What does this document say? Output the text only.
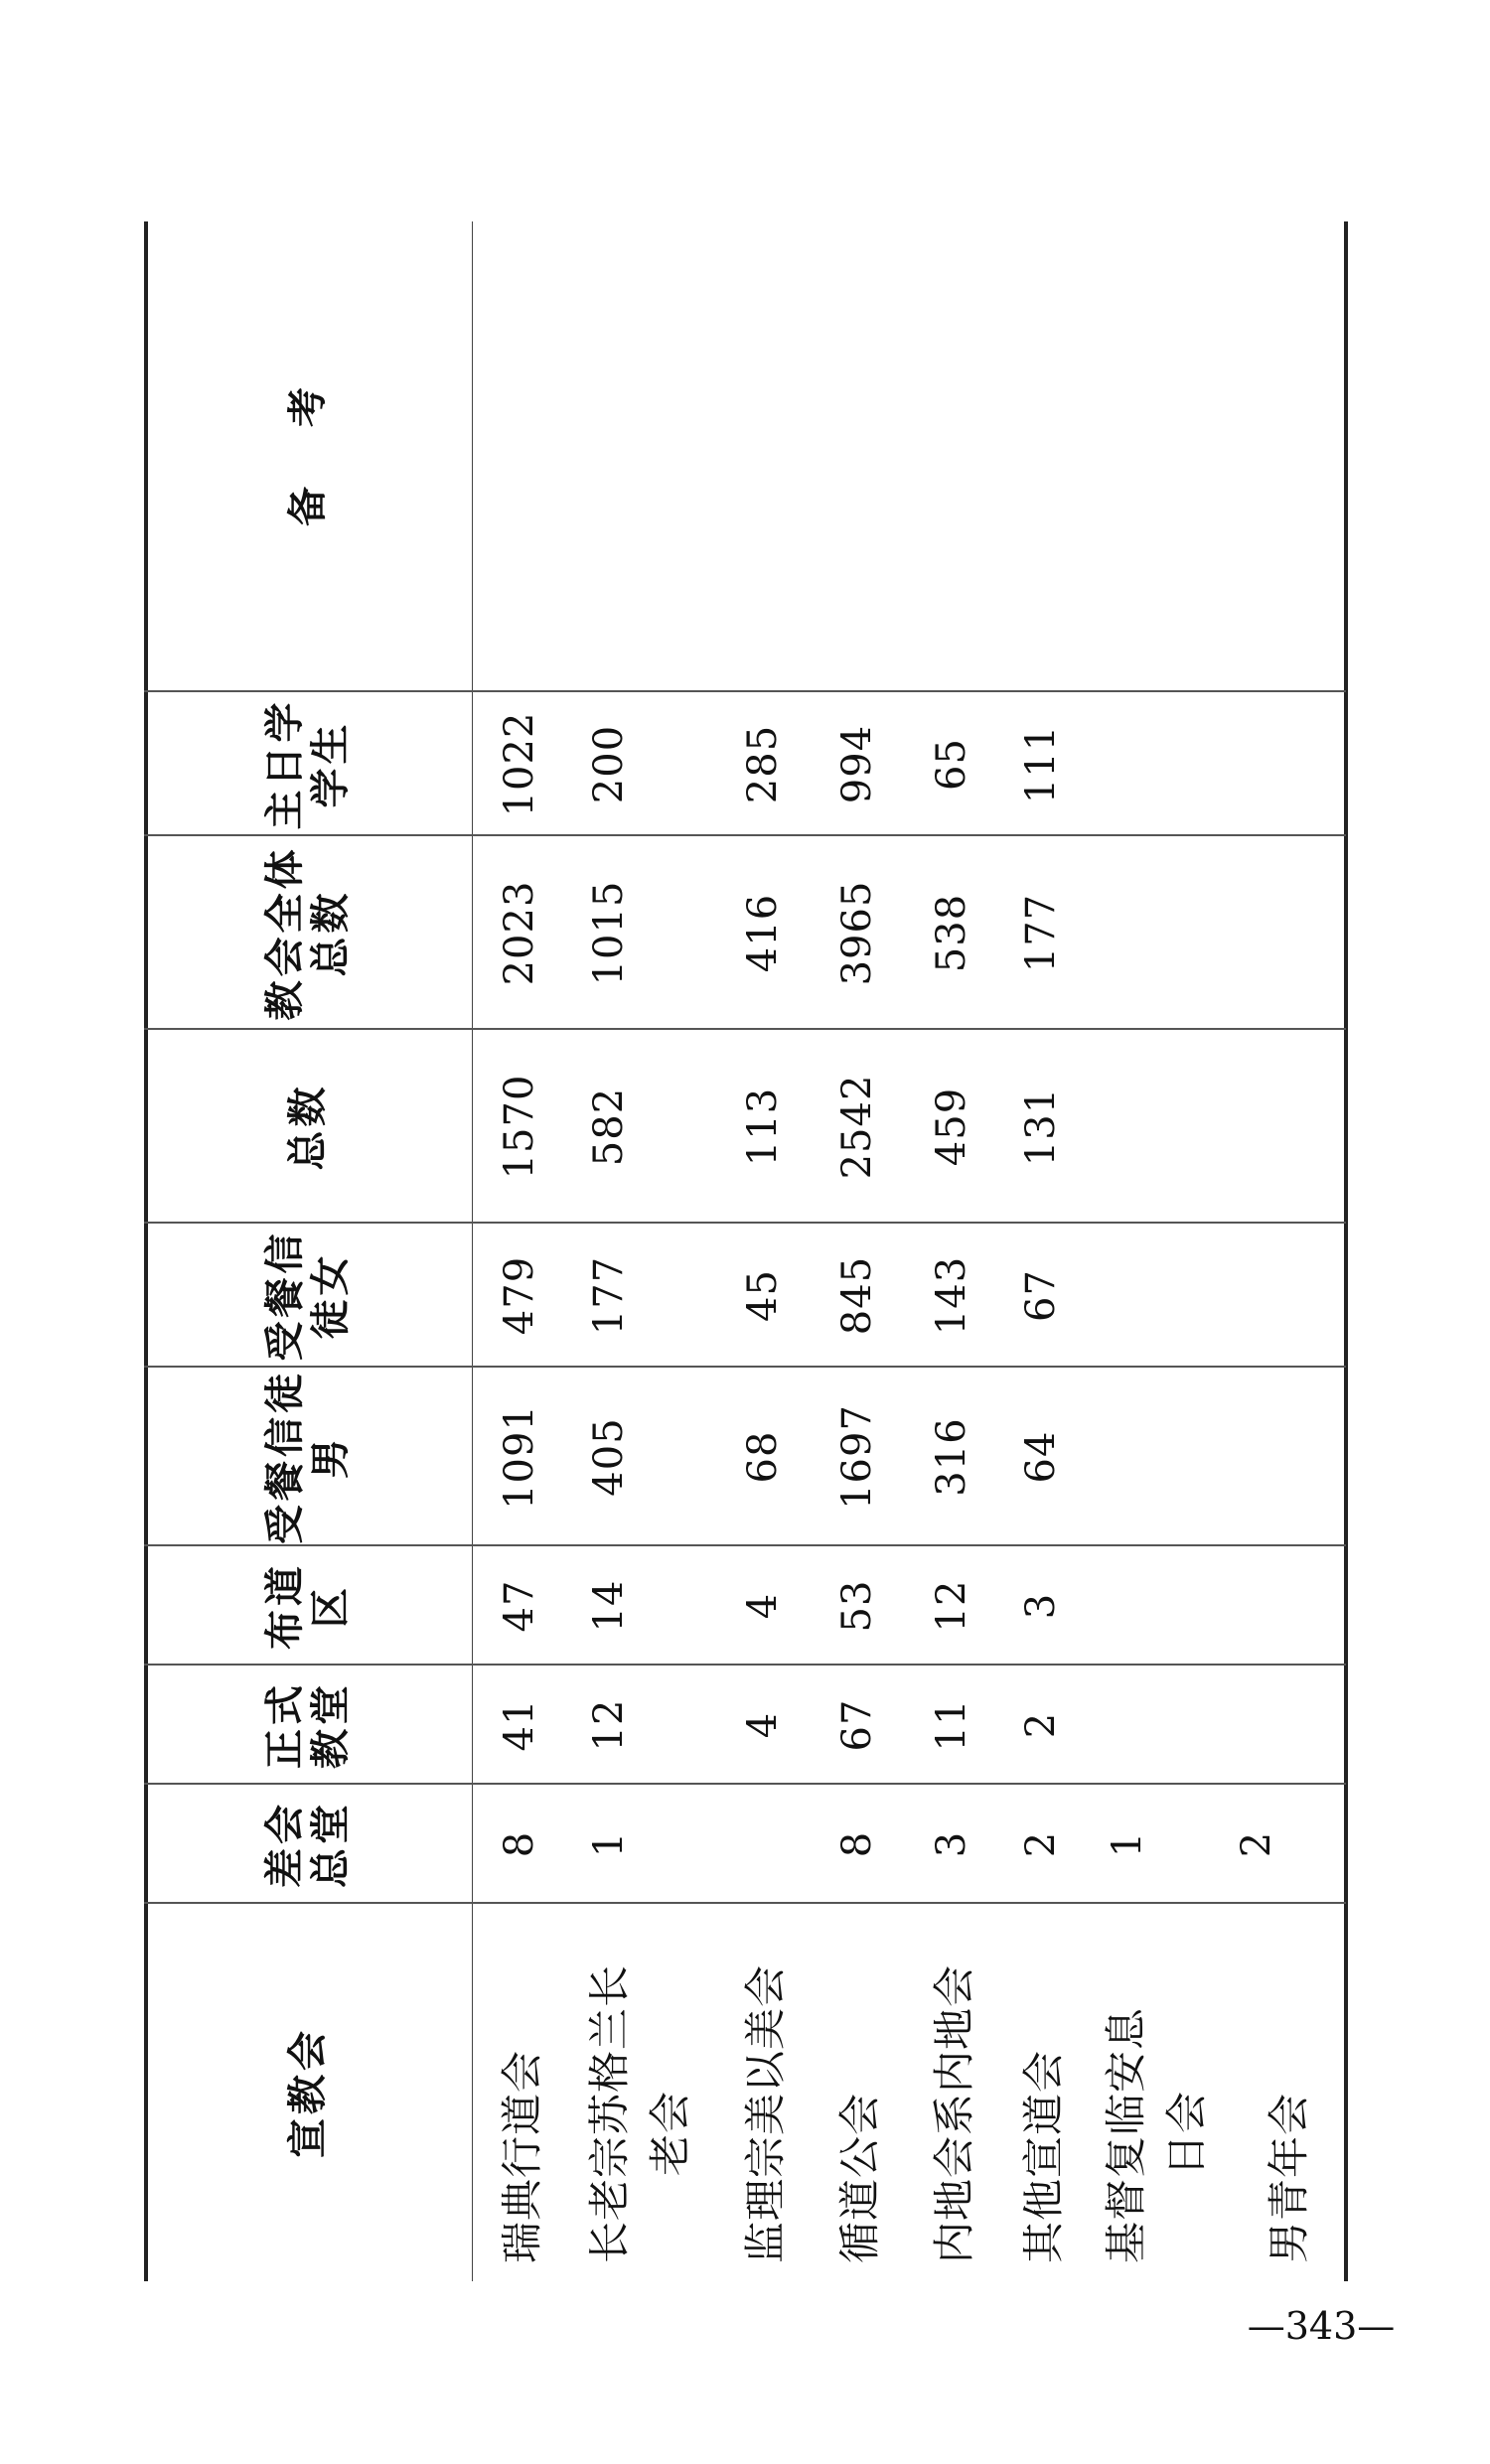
宣教会
差会总堂
正式教堂
布道区
受餐信徒男
受餐信徒女
总数
教会全体总数
主日学学生
备考
瑞典行道会
8
41
47
1091
479
1570
2023
1022
长老宗苏格兰长 老会
1
12
14
405
177
582
1015
200
监理宗美以美会
4
4
68
45
113
416
285
循道公会
8
67
53
1697
845
2542
3965
994
内地会系内地会
3
11
12
316
143
459
538
65
其他宣道会
2
2
3
64
67
131
177
111
基督复临安息 日会
1
男青年会
2
—343—
